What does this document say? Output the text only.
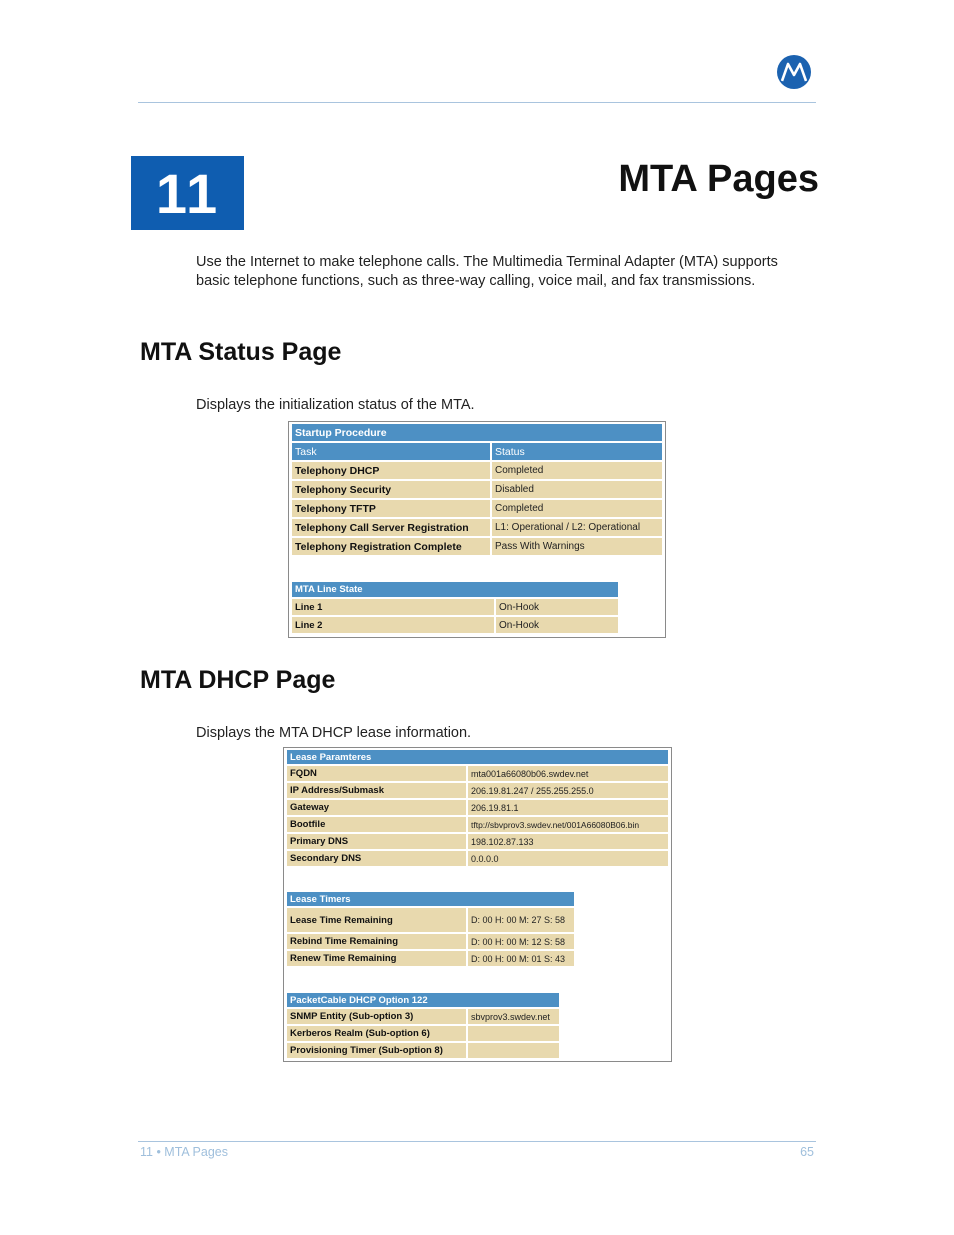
11	MTA Pages
Use the Internet to make telephone calls. The Multimedia Terminal Adapter (MTA) supports basic telephone functions, such as three-way calling, voice mail, and fax transmissions.
MTA Status Page
Displays the initialization status of the MTA.
Startup Procedure	
Task	Status
Telephony DHCP	Completed
Telephony Security	Disabled
Telephony TFTP	Completed
Telephony Call Server Registration	L1: Operational / L2: Operational
Telephony Registration Complete	Pass With Warnings
MTA Line State	
Line 1	On-Hook
Line 2	On-Hook
MTA DHCP Page
Displays the MTA DHCP lease information.
Lease Paramteres	
FQDN	mta001a66080b06.swdev.net
IP Address/Submask	206.19.81.247 / 255.255.255.0
Gateway	206.19.81.1
Bootfile	tftp://sbvprov3.swdev.net/001A66080B06.bin
Primary DNS	198.102.87.133
Secondary DNS	0.0.0.0
Lease Timers	
Lease Time Remaining	D: 00 H: 00 M: 27 S: 58
Rebind Time Remaining	D: 00 H: 00 M: 12 S: 58
Renew Time Remaining	D: 00 H: 00 M: 01 S: 43
PacketCable DHCP Option 122	
SNMP Entity (Sub-option 3)	sbvprov3.swdev.net
Kerberos Realm (Sub-option 6)	
Provisioning Timer (Sub-option 8)	
11 • MTA Pages	65
